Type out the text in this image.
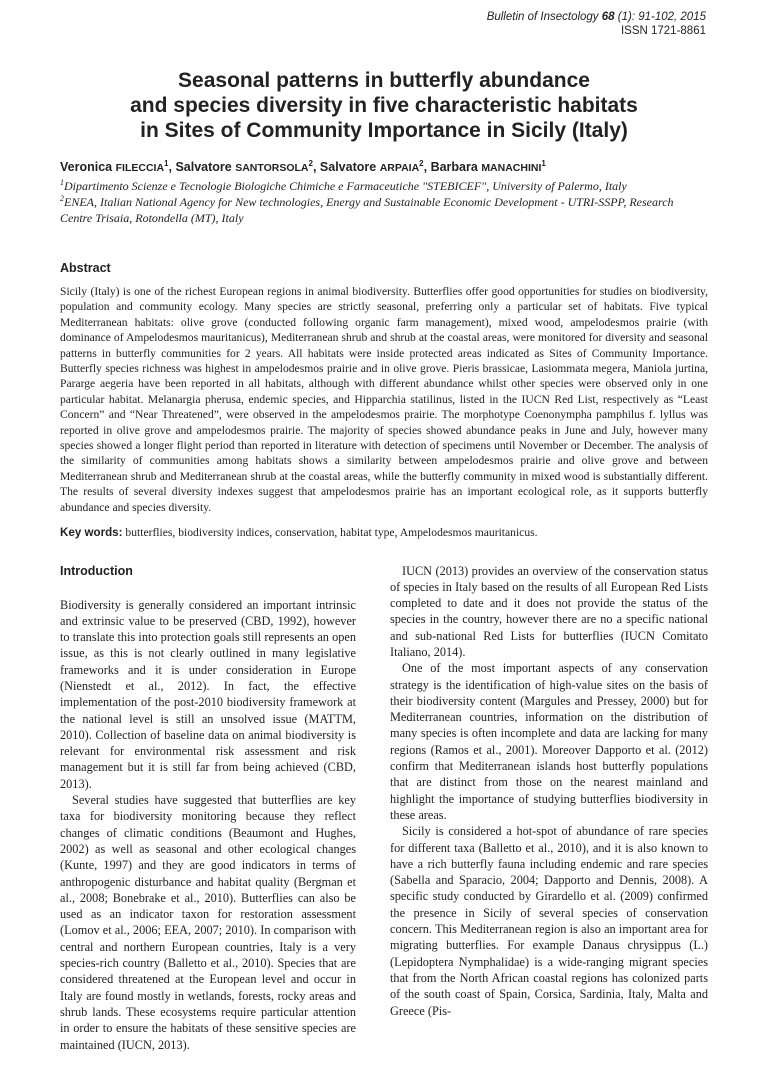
Bulletin of Insectology 68 (1): 91-102, 2015
ISSN 1721-8861
Seasonal patterns in butterfly abundance
and species diversity in five characteristic habitats
in Sites of Community Importance in Sicily (Italy)
Veronica FILECCIA$^1$, Salvatore SANTORSOLA$^2$, Salvatore ARPAIA$^2$, Barbara MANACHINI$^1$
$^1$Dipartimento Scienze e Tecnologie Biologiche Chimiche e Farmaceutiche "STEBICEF", University of Palermo, Italy
$^2$ENEA, Italian National Agency for New technologies, Energy and Sustainable Economic Development - UTRI-SSPP, Research Centre Trisaia, Rotondella (MT), Italy
Abstract
Sicily (Italy) is one of the richest European regions in animal biodiversity. Butterflies offer good opportunities for studies on biodiversity, population and community ecology. Many species are strictly seasonal, preferring only a particular set of habitats. Five typical Mediterranean habitats: olive grove (conducted following organic farm management), mixed wood, ampelodesmos prairie (with dominance of Ampelodesmos mauritanicus), Mediterranean shrub and shrub at the coastal areas, were monitored for diversity and seasonal patterns in butterfly communities for 2 years. All habitats were inside protected areas indicated as Sites of Community Importance. Butterfly species richness was highest in ampelodesmos prairie and in olive grove. Pieris brassicae, Lasiommata megera, Maniola jurtina, Pararge aegeria have been reported in all habitats, although with different abundance whilst other species were observed only in one particular habitat. Melanargia pherusa, endemic species, and Hipparchia statilinus, listed in the IUCN Red List, respectively as “Least Concern” and “Near Threatened”, were observed in the ampelodesmos prairie. The morphotype Coenonympha pamphilus f. lyllus was reported in olive grove and ampelodesmos prairie. The majority of species showed abundance peaks in June and July, however many species showed a longer flight period than reported in literature with detection of specimens until November or December. The analysis of the similarity of communities among habitats shows a similarity between ampelodesmos prairie and olive grove and between Mediterranean shrub and Mediterranean shrub at the coastal areas, while the butterfly community in mixed wood is substantially different. The results of several diversity indexes suggest that ampelodesmos prairie has an important ecological role, as it supports butterfly abundance and species diversity.
Key words: butterflies, biodiversity indices, conservation, habitat type, Ampelodesmos mauritanicus.
Introduction

Biodiversity is generally considered an important intrinsic and extrinsic value to be preserved (CBD, 1992), however to translate this into protection goals still represents an open issue, as this is not clearly outlined in many legislative frameworks and it is under consideration in Europe (Nienstedt et al., 2012). In fact, the effective implementation of the post-2010 biodiversity framework at the national level is still an unsolved issue (MATTM, 2010). Collection of baseline data on animal biodiversity is relevant for environmental risk assessment and risk management but it is still far from being achieved (CBD, 2013).

Several studies have suggested that butterflies are key taxa for biodiversity monitoring because they reflect changes of climatic conditions (Beaumont and Hughes, 2002) as well as seasonal and other ecological changes (Kunte, 1997) and they are good indicators in terms of anthropogenic disturbance and habitat quality (Bergman et al., 2008; Bonebrake et al., 2010). Butterflies can also be used as an indicator taxon for restoration assessment (Lomov et al., 2006; EEA, 2007; 2010). In comparison with central and northern European countries, Italy is a very species-rich country (Balletto et al., 2010). Species that are considered threatened at the European level and occur in Italy are found mostly in wetlands, forests, rocky areas and shrub lands. These ecosystems require particular attention in order to ensure the habitats of these sensitive species are maintained (IUCN, 2013).

IUCN (2013) provides an overview of the conservation status of species in Italy based on the results of all European Red Lists completed to date and it does not provide the status of the species in the country, however there are no a specific national and sub-national Red Lists for butterflies (IUCN Comitato Italiano, 2014).

One of the most important aspects of any conservation strategy is the identification of high-value sites on the basis of their biodiversity content (Margules and Pressey, 2000) but for Mediterranean countries, information on the distribution of many species is often incomplete and data are lacking for many regions (Ramos et al., 2001). Moreover Dapporto et al. (2012) confirm that Mediterranean islands host butterfly populations that are distinct from those on the nearest mainland and highlight the importance of studying butterflies biodiversity in these areas.

Sicily is considered a hot-spot of abundance of rare species for different taxa (Balletto et al., 2010), and it is also known to have a rich butterfly fauna including endemic and rare species (Sabella and Sparacio, 2004; Dapporto and Dennis, 2008). A specific study conducted by Girardello et al. (2009) confirmed the presence in Sicily of several species of conservation concern. This Mediterranean region is also an important area for migrating butterflies. For example Danaus chrysippus (L.) (Lepidoptera Nymphalidae) is a wide-ranging migrant species that from the North African coastal regions has colonized parts of the south coast of Spain, Corsica, Sardinia, Italy, Malta and Greece (Pis-
